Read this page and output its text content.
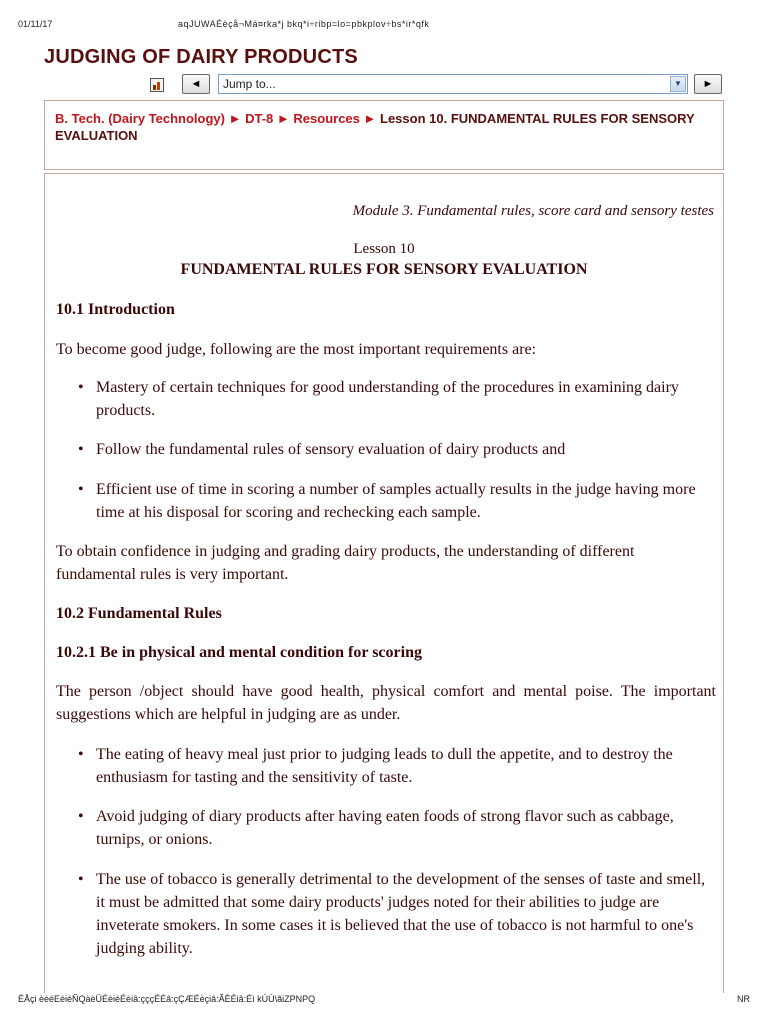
01/11/17	aqJUWAÉèçå¬Má¤rka*j bkq*i÷ribp=lo=pbkplov÷bs*ir*qfk
JUDGING OF DAIRY PRODUCTS
◄	Jump to...	▼	►
B. Tech. (Dairy Technology) ► DT-8 ► Resources ► Lesson 10. FUNDAMENTAL RULES FOR SENSORY EVALUATION
Module 3. Fundamental rules, score card and sensory testes
Lesson 10
FUNDAMENTAL RULES FOR SENSORY EVALUATION
10.1 Introduction
To become good judge, following are the most important requirements are:
• Mastery of certain techniques for good understanding of the procedures in examining dairy products.
• Follow the fundamental rules of sensory evaluation of dairy products and
• Efficient use of time in scoring a number of samples actually results in the judge having more time at his disposal for scoring and rechecking each sample.
To obtain confidence in judging and grading dairy products, the understanding of different fundamental rules is very important.
10.2 Fundamental Rules
10.2.1 Be in physical and mental condition for scoring
The person /object should have good health, physical comfort and mental poise. The important suggestions which are helpful in judging are as under.
• The eating of heavy meal just prior to judging leads to dull the appetite, and to destroy the enthusiasm for tasting and the sensitivity of taste.
• Avoid judging of diary products after having eaten foods of strong flavor such as cabbage, turnips, or onions.
• The use of tobacco is generally detrimental to the development of the senses of taste and smell, it must be admitted that some dairy products' judges noted for their abilities to judge are inveterate smokers. In some cases it is believed that the use of tobacco is not harmful to one's judging ability.
ÉÅçi èèéEéiéÑQàèÜÉèiéÉèiâ:çççÉÉâ:çÇÆÉèçiâ:ÃÈÉiâ:Éì kÚÚ\ãiZPNPQ	NR
